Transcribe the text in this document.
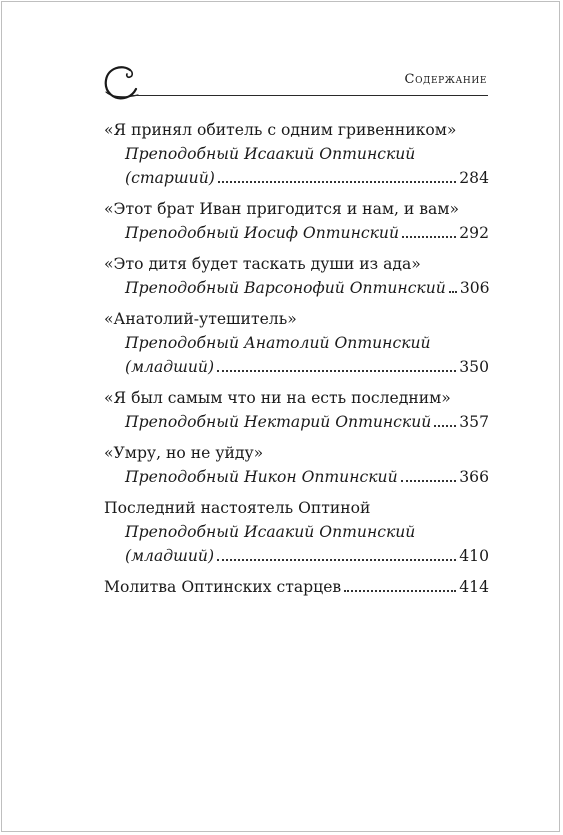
Содержание
«Я принял обитель с одним гривенником»
Преподобный Исаакий Оптинский
(старший)	284
«Этот брат Иван пригодится и нам, и вам»
Преподобный Иосиф Оптинский	292
«Это дитя будет таскать души из ада»
Преподобный Варсонофий Оптинский 306
«Анатолий-утешитель»
Преподобный Анатолий Оптинский
(младший)	350
«Я был самым что ни на есть последним»
Преподобный Нектарий Оптинский 357
«Умру, но не уйду»
Преподобный Никон Оптинский	366
Последний настоятель Оптиной
Преподобный Исаакий Оптинский
(младший)	410
Молитва Оптинских старцев	414
